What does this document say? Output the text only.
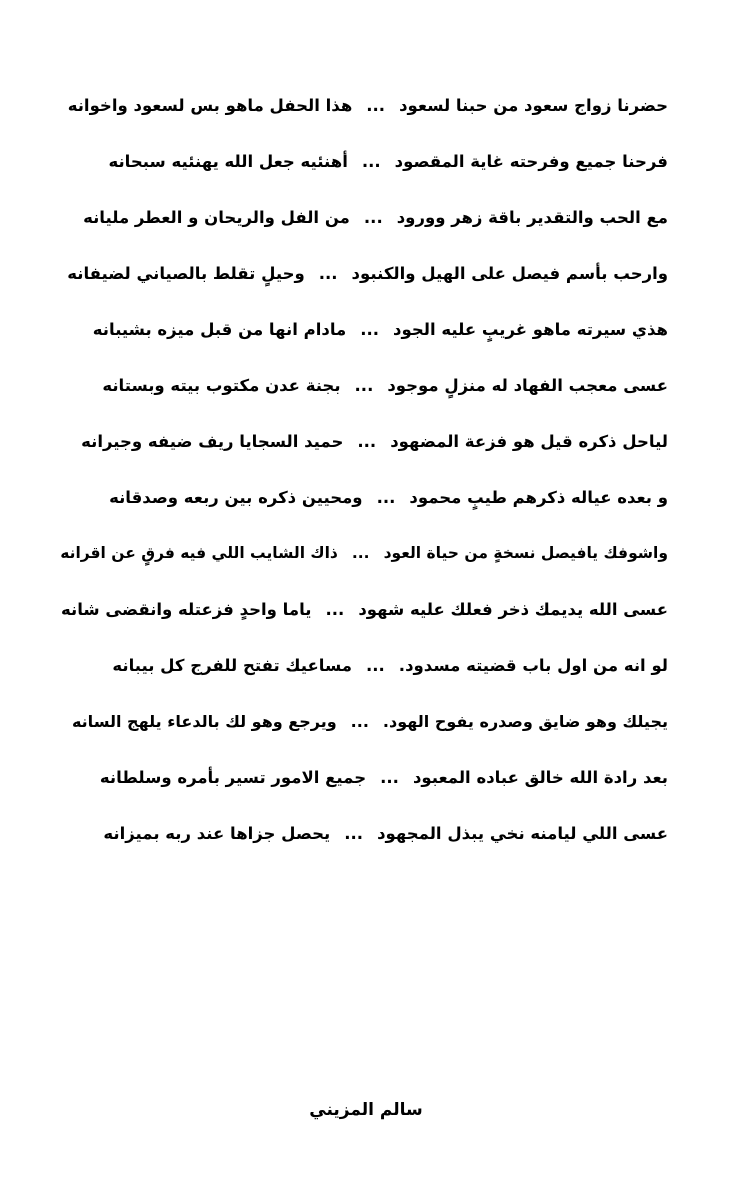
حضرنا زواج سعود من حبنا لسعود
...
هذا الحفل ماهو بس لسعود واخوانه
فرحنا جميع وفرحته غاية المقصود
...
أهنئيه جعل الله يهنئيه سبحانه
مع الحب والتقدير باقة زهر وورود
...
من الفل والريحان و العطر مليانه
وارحب بأسم فيصل على الهيل والكنبود
...
وحيلٍ تقلط بالصياني لضيفانه
هذي سيرته ماهو غريبٍ عليه الجود
...
مادام انها من قبل ميزه بشيبانه
عسى معجب الفهاد له منزلٍ موجود
...
بجنة عدن مكتوب بيته وبستانه
لياحل ذكره قيل هو فزعة المضهود
...
حميد السجايا ريف ضيفه وجيرانه
و بعده عياله ذكرهم طيبٍ محمود
...
ومحيين ذكره بين ربعه وصدقانه
واشوفك يافيصل نسخةٍ من حياة العود
...
ذاك الشايب اللي فيه فرقٍ عن اقرانه
عسى الله يديمك ذخر فعلك عليه شهود
...
ياما واحدٍ فزعتله وانقضى شانه
لو انه من اول باب قضيته مسدود.
...
مساعيك تفتح للفرج كل بيبانه
يجيلك وهو ضايق وصدره يفوح الهود.
...
ويرجع وهو لك بالدعاء يلهج السانه
بعد رادة الله خالق عباده المعبود
...
جميع الامور تسير بأمره وسلطانه
عسى اللي ليامنه نخي يبذل المجهود
...
يحصل جزاها عند ربه بميزانه
سالم المزيني
